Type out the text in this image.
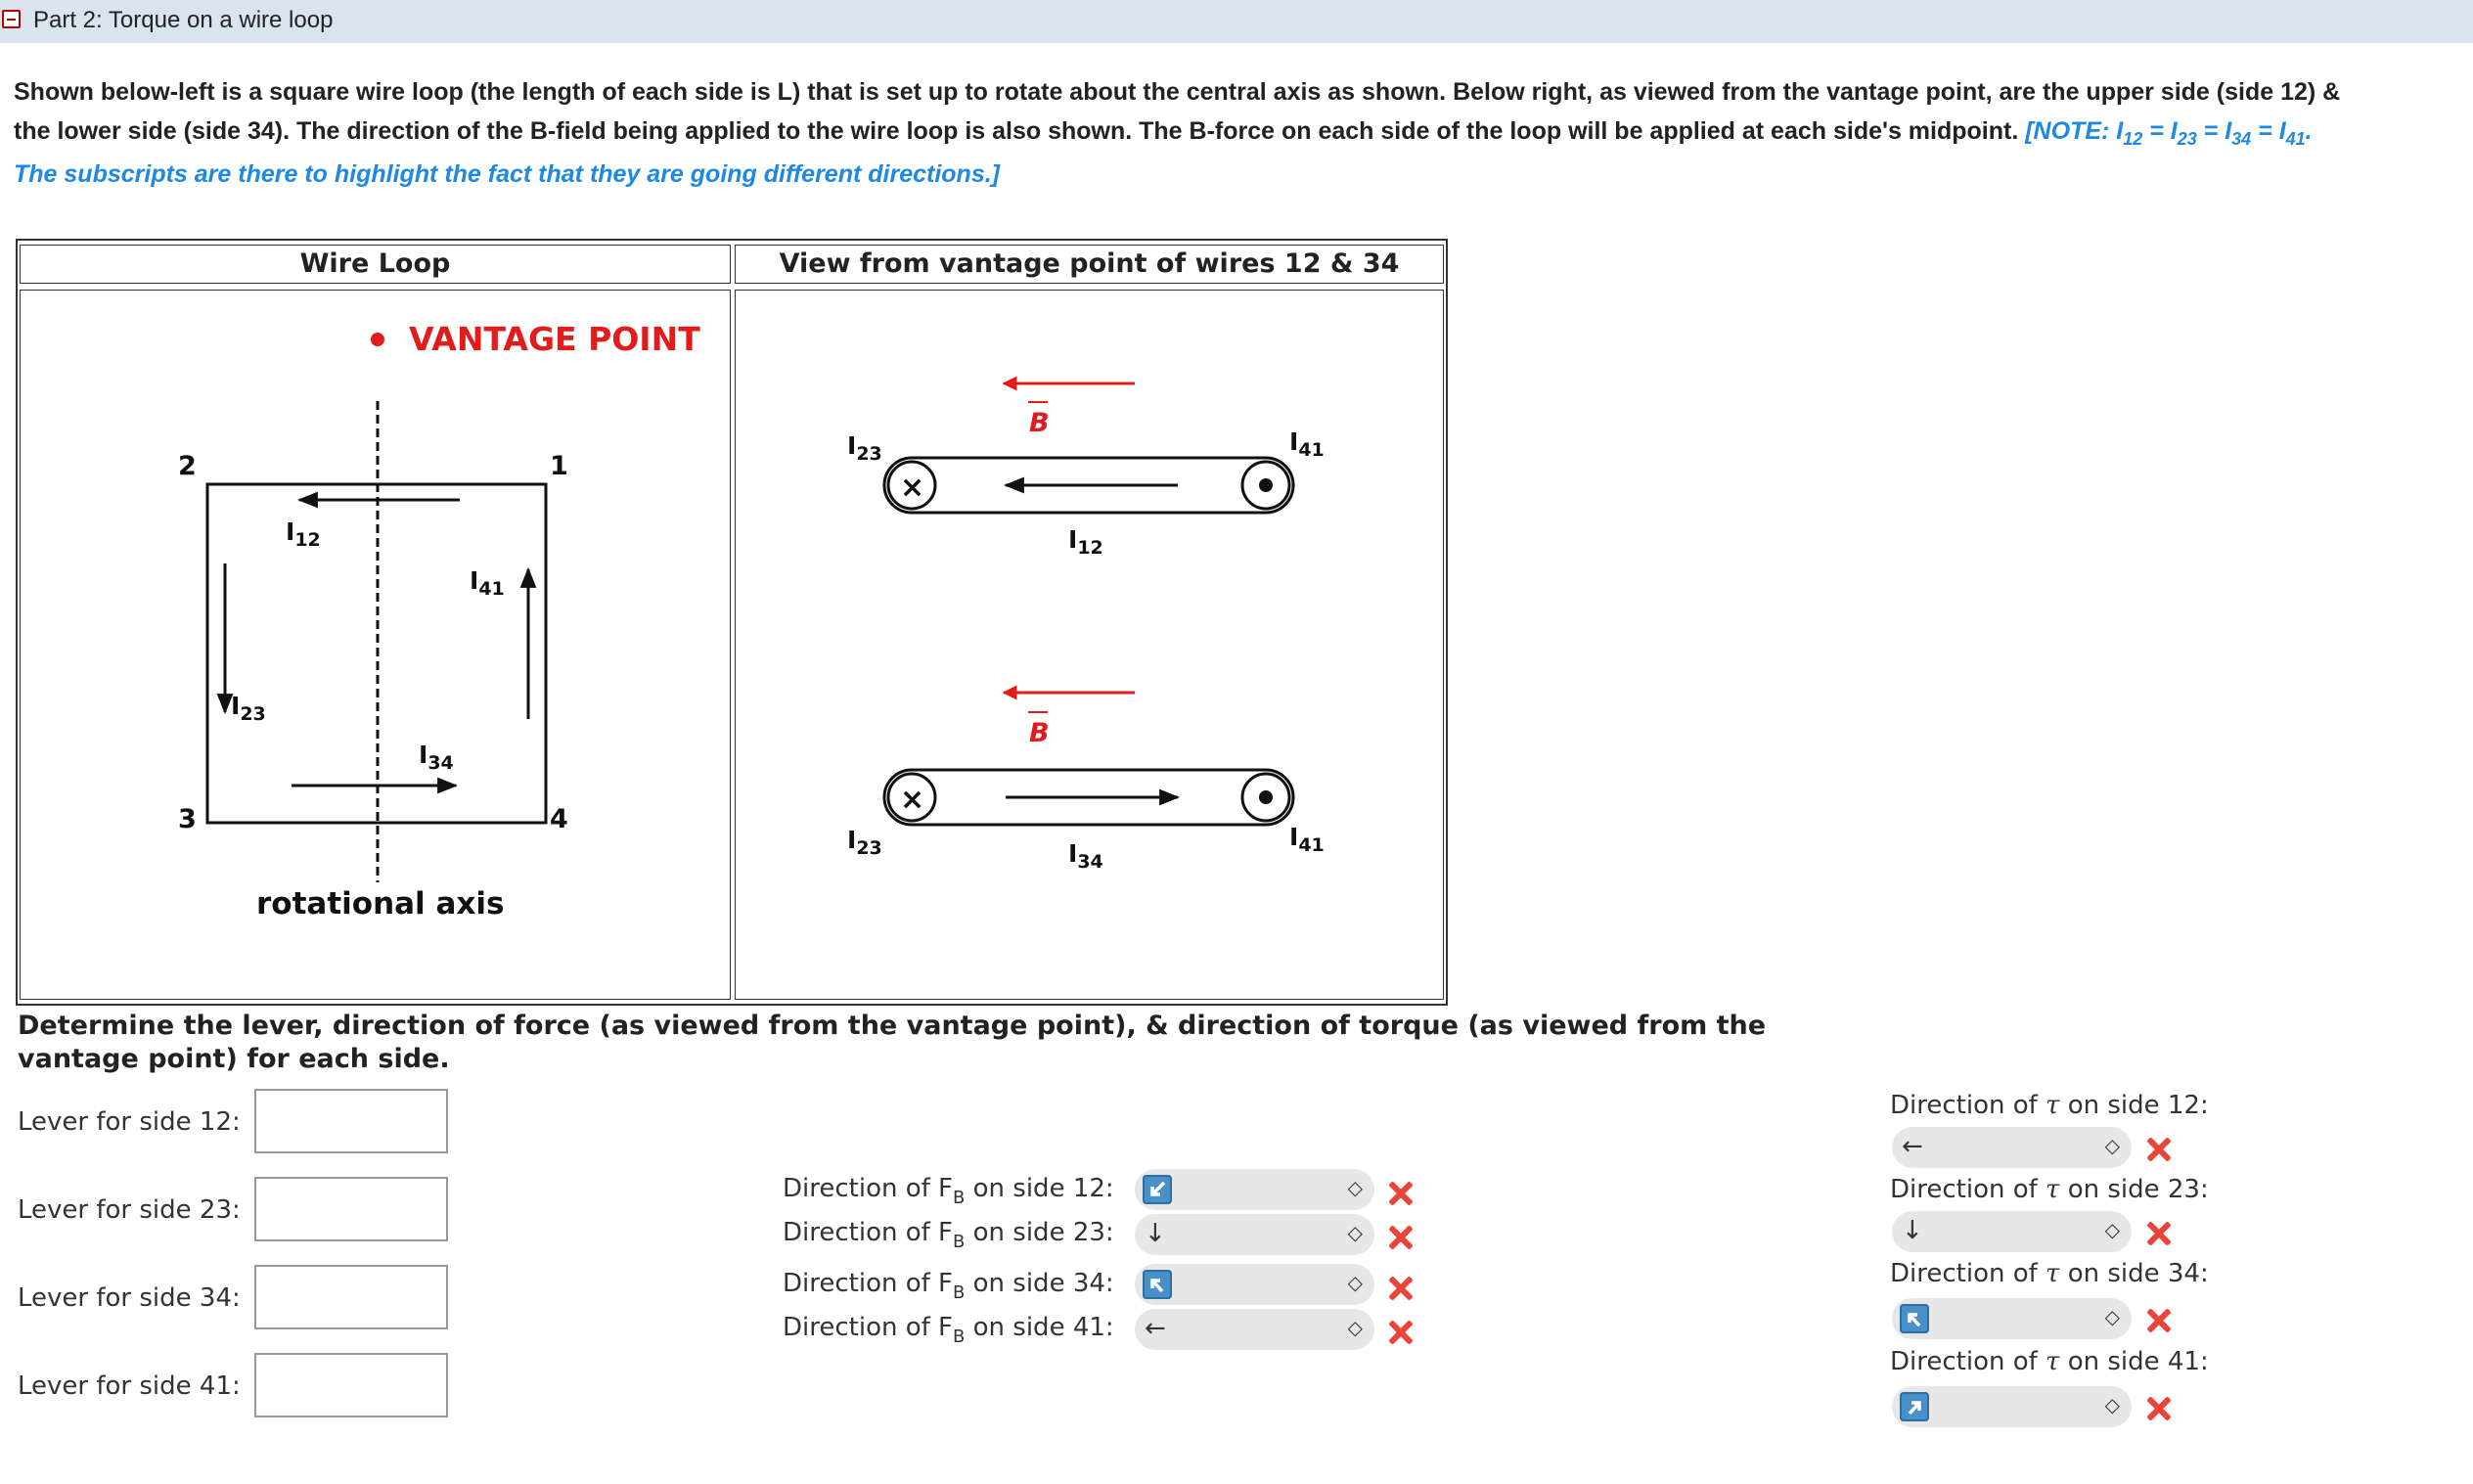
Part 2: Torque on a wire loop
Shown below-left is a square wire loop (the length of each side is L) that is set up to rotate about the central axis as shown. Below right, as viewed from the vantage point, are the upper side (side 12) &
the lower side (side 34). The direction of the B-field being applied to the wire loop is also shown. The B-force on each side of the loop will be applied at each side's midpoint. [NOTE: $I_{12} = I_{23} = I_{34} = I_{41}$.
The subscripts are there to highlight the fact that they are going different directions.]
Wire Loop	View from vantage point of wires 12 & 34
VANTAGE POINT
1
2
3	4
$I_{12}$
$I_{23}$
$I_{34}$
$I_{41}$
rotational axis
B
$I_{23}$	$I_{41}$
×
$I_{12}$
B
×
$I_{23}$	$I_{34}$
$I_{41}$
Determine the lever, direction of force (as viewed from the vantage point), & direction of torque (as viewed from the vantage point) for each side.
Lever for side 12:
Lever for side 23:
Lever for side 34:
Lever for side 41:
Direction of $F_B$ on side 12:	◇
Direction of $F_B$ on side 23: ↓	◇
Direction of $F_B$ on side 34:	◇
Direction of $F_B$ on side 41: ←	◇
Direction of τ on side 12:
←	◇
Direction of τ on side 23:
↓	◇
Direction of τ on side 34:
◇
Direction of τ on side 41:
◇
